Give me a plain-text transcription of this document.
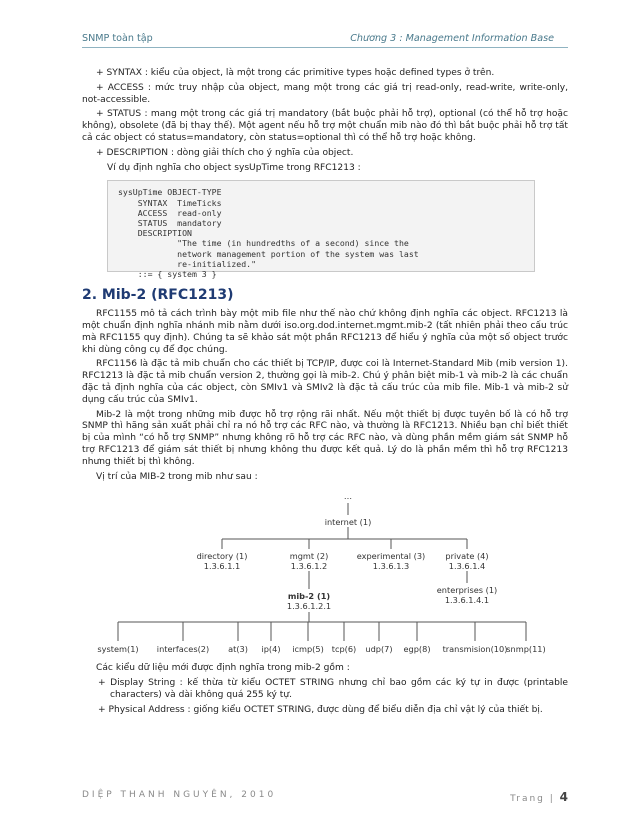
SNMP toàn tập	Chương 3 : Management Information Base

+ SYNTAX : kiểu của object, là một trong các primitive types hoặc defined types ở trên.

+ ACCESS : mức truy nhập của object, mang một trong các giá trị read-only, read-write, write-only, not-accessible.

+ STATUS : mang một trong các giá trị mandatory (bắt buộc phải hỗ trợ), optional (có thể hỗ trợ hoặc không), obsolete (đã bị thay thế). Một agent nếu hỗ trợ một chuẩn mib nào đó thì bắt buộc phải hỗ trợ tất cả các object có status=mandatory, còn status=optional thì có thể hỗ trợ hoặc không.

+ DESCRIPTION : dòng giải thích cho ý nghĩa của object.

Ví dụ định nghĩa cho object sysUpTime trong RFC1213 :

sysUpTime OBJECT-TYPE
SYNTAX  TimeTicks
ACCESS  read-only
STATUS  mandatory
DESCRIPTION
"The time (in hundredths of a second) since the
network management portion of the system was last
re-initialized."
::= { system 3 }
2. Mib-2 (RFC1213)

RFC1155 mô tả cách trình bày một mib file như thế nào chứ không định nghĩa các object. RFC1213 là một chuẩn định nghĩa nhánh mib nằm dưới iso.org.dod.internet.mgmt.mib-2 (tất nhiên phải theo cấu trúc mà RFC1155 quy định). Chúng ta sẽ khảo sát một phần RFC1213 để hiểu ý nghĩa của một số object trước khi dùng công cụ để đọc chúng.

RFC1156 là đặc tả mib chuẩn cho các thiết bị TCP/IP, được coi là Internet-Standard Mib (mib version 1). RFC1213 là đặc tả mib chuẩn version 2, thường gọi là mib-2. Chú ý phân biệt mib-1 và mib-2 là các chuẩn đặc tả định nghĩa của các object, còn SMIv1 và SMIv2 là đặc tả cấu trúc của mib file. Mib-1 và mib-2 sử dụng cấu trúc của SMIv1.

Mib-2 là một trong những mib được hỗ trợ rộng rãi nhất. Nếu một thiết bị được tuyên bố là có hỗ trợ SNMP thì hãng sản xuất phải chỉ ra nó hỗ trợ các RFC nào, và thường là RFC1213. Nhiều bạn chỉ biết thiết bị của mình “có hỗ trợ SNMP” nhưng không rõ hỗ trợ các RFC nào, và dùng phần mềm giám sát SNMP hỗ trợ RFC1213 để giám sát thiết bị nhưng không thu được kết quả. Lý do là phần mềm thì hỗ trợ RFC1213 nhưng thiết bị thì không.

Vị trí của MIB-2 trong mib như sau :

…
internet (1)
directory (1)
1.3.6.1.1
mgmt (2)
1.3.6.1.2
experimental (3)
1.3.6.1.3
private (4)
1.3.6.1.4
mib-2 (1)
1.3.6.1.2.1
enterprises (1)
1.3.6.1.4.1
system(1) interfaces(2) at(3) ip(4) icmp(5) tcp(6) udp(7) egp(8) transmision(10)
snmp(11)

Các kiểu dữ liệu mới được định nghĩa trong mib-2 gồm :

+ Display String : kế thừa từ kiểu OCTET STRING nhưng chỉ bao gồm các ký tự in được (printable characters) và dài không quá 255 ký tự.

+ Physical Address : giống kiểu OCTET STRING, được dùng để biểu diễn địa chỉ vật lý của thiết bị.

DIỆP THANH NGUYÊN, 2010	Trang | 4
